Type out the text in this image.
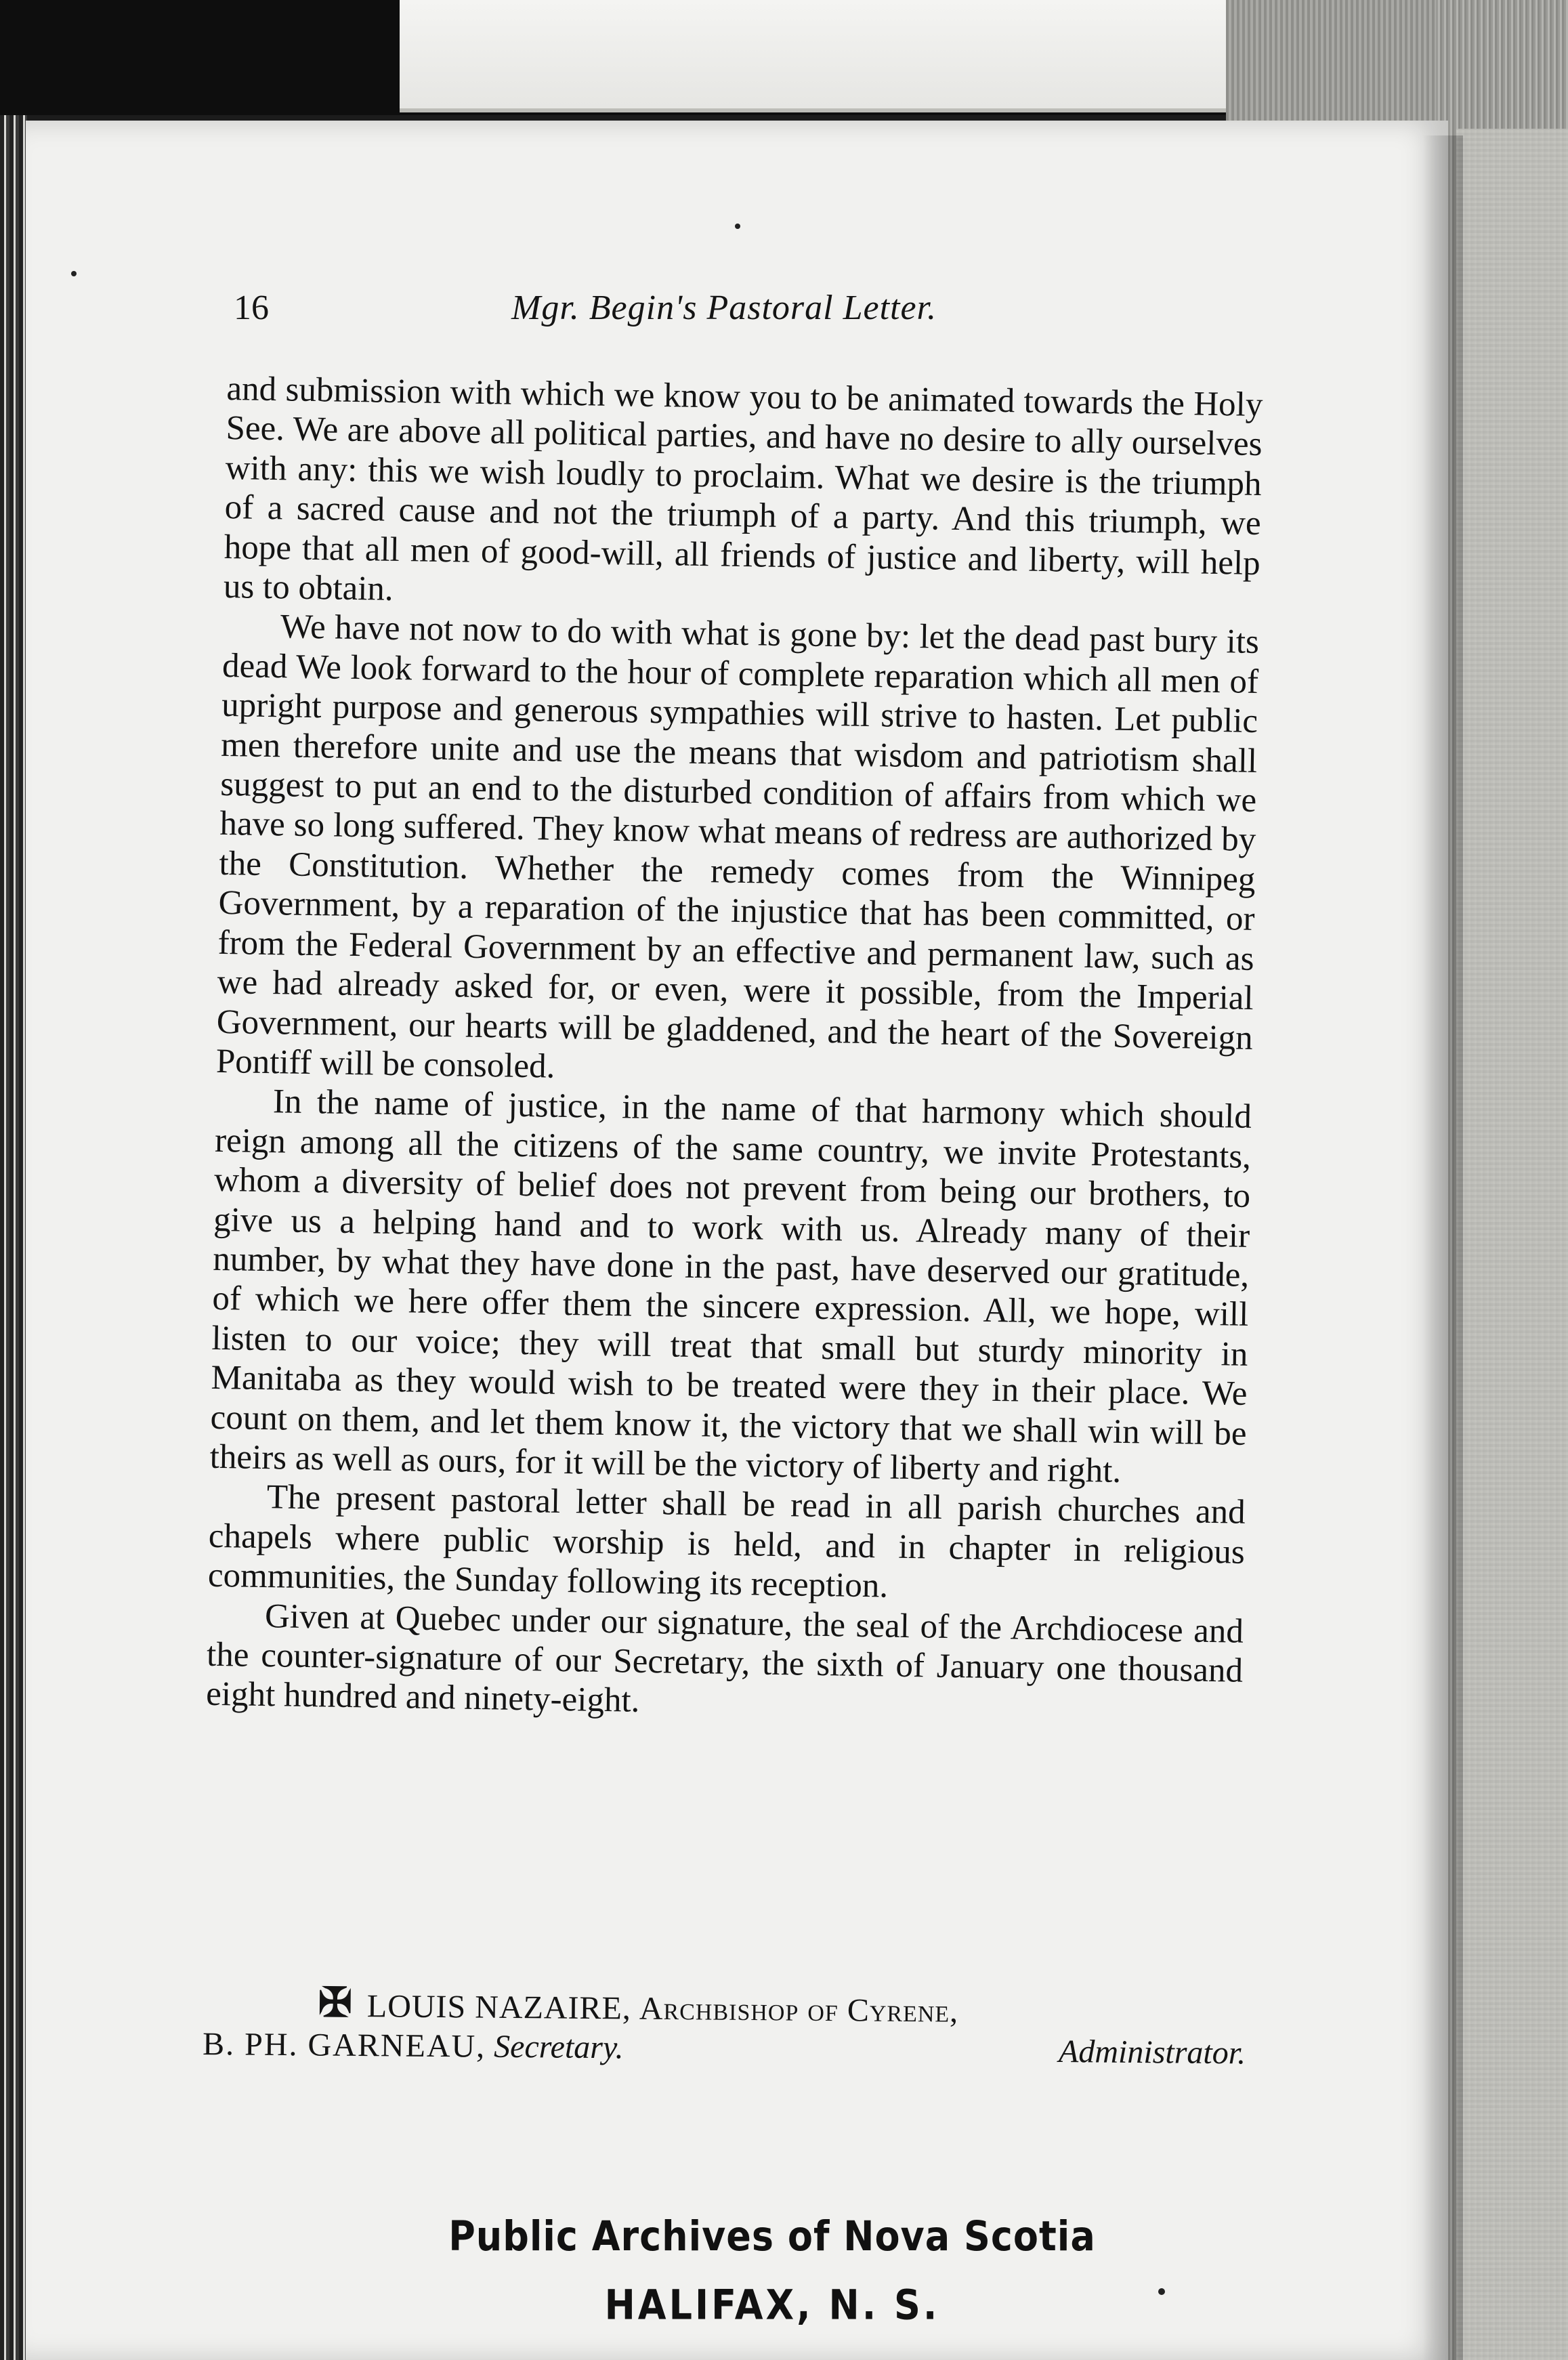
16	Mgr. Begin's Pastoral Letter.

and submission with which we know you to be animated towards the Holy See. We are above all political parties, and have no desire to ally ourselves with any: this we wish loudly to proclaim. What we desire is the triumph of a sacred cause and not the triumph of a party. And this triumph, we hope that all men of good-will, all friends of justice and liberty, will help us to obtain.

We have not now to do with what is gone by: let the dead past bury its dead We look forward to the hour of complete reparation which all men of upright purpose and generous sympathies will strive to hasten. Let public men therefore unite and use the means that wisdom and patriotism shall suggest to put an end to the disturbed condition of affairs from which we have so long suffered. They know what means of redress are authorized by the Constitution. Whether the remedy comes from the Winnipeg Government, by a reparation of the injustice that has been committed, or from the Federal Government by an effective and permanent law, such as we had already asked for, or even, were it possible, from the Imperial Government, our hearts will be gladdened, and the heart of the Sovereign Pontiff will be consoled.

In the name of justice, in the name of that harmony which should reign among all the citizens of the same country, we invite Protestants, whom a diversity of belief does not prevent from being our brothers, to give us a helping hand and to work with us. Already many of their number, by what they have done in the past, have deserved our gratitude, of which we here offer them the sincere expression. All, we hope, will listen to our voice; they will treat that small but sturdy minority in Manitaba as they would wish to be treated were they in their place. We count on them, and let them know it, the victory that we shall win will be theirs as well as ours, for it will be the victory of liberty and right.

The present pastoral letter shall be read in all parish churches and chapels where public worship is held, and in chapter in religious communities, the Sunday following its reception.

Given at Quebec under our signature, the seal of the Archdiocese and the counter-signature of our Secretary, the sixth of January one thousand eight hundred and ninety-eight.

✠ LOUIS NAZAIRE, Archbishop of Cyrene,
B. PH. GARNEAU, Secretary.	Administrator.
Public Archives of Nova Scotia
HALIFAX, N. S.
